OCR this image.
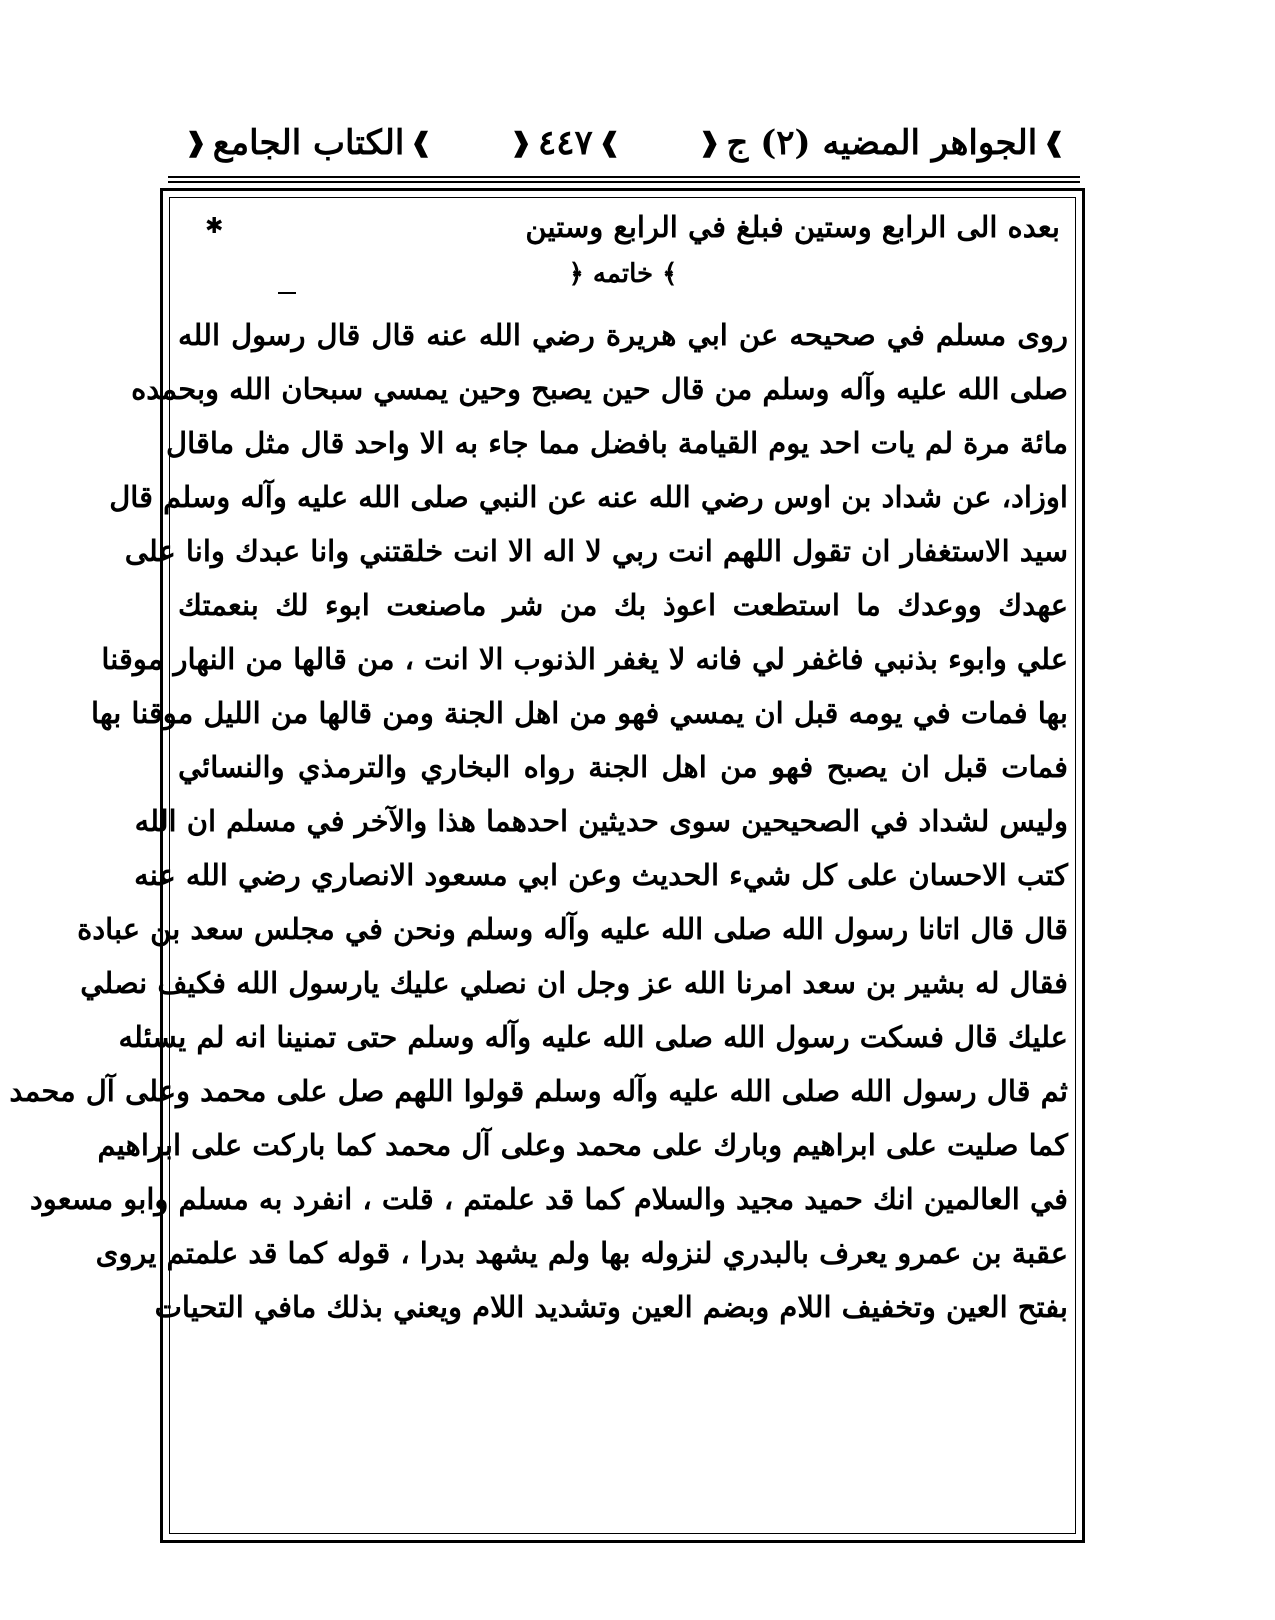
❱
الجواهر المضيه (٢) ج
❰
❱
٤٤٧
❰
❱
الكتاب الجامع
❰
✱	بعده الى الرابع وستين فبلغ في الرابع وستين
﴾ خاتمه ﴿
روى مسلم في صحيحه عن ابي هريرة رضي الله عنه قال قال رسول الله
صلى الله عليه وآله وسلم من قال حين يصبح وحين يمسي سبحان الله وبحمده
مائة مرة لم يات احد يوم القيامة بافضل مما جاء به الا واحد قال مثل ماقال
اوزاد، عن شداد بن اوس رضي الله عنه عن النبي صلى الله عليه وآله وسلم قال
سيد الاستغفار ان تقول اللهم انت ربي لا اله الا انت خلقتني وانا عبدك وانا على
عهدك ووعدك ما استطعت اعوذ بك من شر ماصنعت ابوء لك بنعمتك
علي وابوء بذنبي فاغفر لي فانه لا يغفر الذنوب الا انت ، من قالها من النهار موقنا
بها فمات في يومه قبل ان يمسي فهو من اهل الجنة ومن قالها من الليل موقنا بها
فمات قبل ان يصبح فهو من اهل الجنة رواه البخاري والترمذي والنسائي
وليس لشداد في الصحيحين سوى حديثين احدهما هذا والآخر في مسلم ان الله
كتب الاحسان على كل شيء الحديث وعن ابي مسعود الانصاري رضي الله عنه
قال قال اتانا رسول الله صلى الله عليه وآله وسلم ونحن في مجلس سعد بن عبادة
فقال له بشير بن سعد امرنا الله عز وجل ان نصلي عليك يارسول الله فكيف نصلي
عليك قال فسكت رسول الله صلى الله عليه وآله وسلم حتى تمنينا انه لم يسئله
ثم قال رسول الله صلى الله عليه وآله وسلم قولوا اللهم صل على محمد وعلى آل محمد
كما صليت على ابراهيم وبارك على محمد وعلى آل محمد كما باركت على ابراهيم
في العالمين انك حميد مجيد والسلام كما قد علمتم ، قلت ، انفرد به مسلم وابو مسعود
عقبة بن عمرو يعرف بالبدري لنزوله بها ولم يشهد بدرا ، قوله كما قد علمتم يروى
بفتح العين وتخفيف اللام وبضم العين وتشديد اللام ويعني بذلك مافي التحيات
